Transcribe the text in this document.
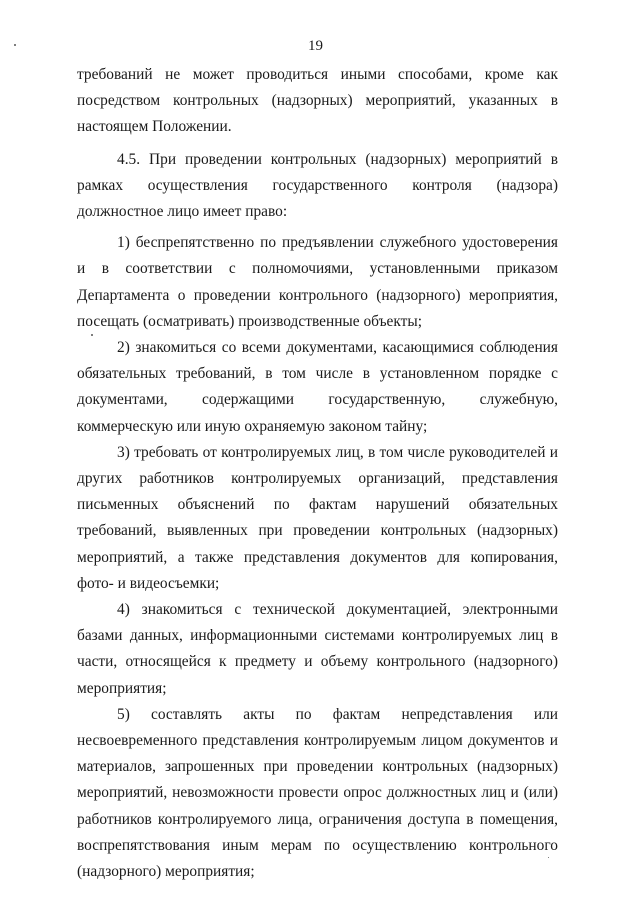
19

требований не может проводиться иными способами, кроме как посредством контрольных (надзорных) мероприятий, указанных в настоящем Положении.

4.5. При проведении контрольных (надзорных) мероприятий в рамках осуществления государственного контроля (надзора) должностное лицо имеет право:

1) беспрепятственно по предъявлении служебного удостоверения и в соответствии с полномочиями, установленными приказом Департамента о проведении контрольного (надзорного) мероприятия, посещать (осматривать) производственные объекты;

2) знакомиться со всеми документами, касающимися соблюдения обязательных требований, в том числе в установленном порядке с документами, содержащими государственную, служебную, коммерческую или иную охраняемую законом тайну;

3) требовать от контролируемых лиц, в том числе руководителей и других работников контролируемых организаций, представления письменных объяснений по фактам нарушений обязательных требований, выявленных при проведении контрольных (надзорных) мероприятий, а также представления документов для копирования, фото- и видеосъемки;

4) знакомиться с технической документацией, электронными базами данных, информационными системами контролируемых лиц в части, относящейся к предмету и объему контрольного (надзорного) мероприятия;

5) составлять акты по фактам непредставления или несвоевременного представления контролируемым лицом документов и материалов, запрошенных при проведении контрольных (надзорных) мероприятий, невозможности провести опрос должностных лиц и (или) работников контролируемого лица, ограничения доступа в помещения, воспрепятствования иным мерам по осуществлению контрольного (надзорного) мероприятия;
